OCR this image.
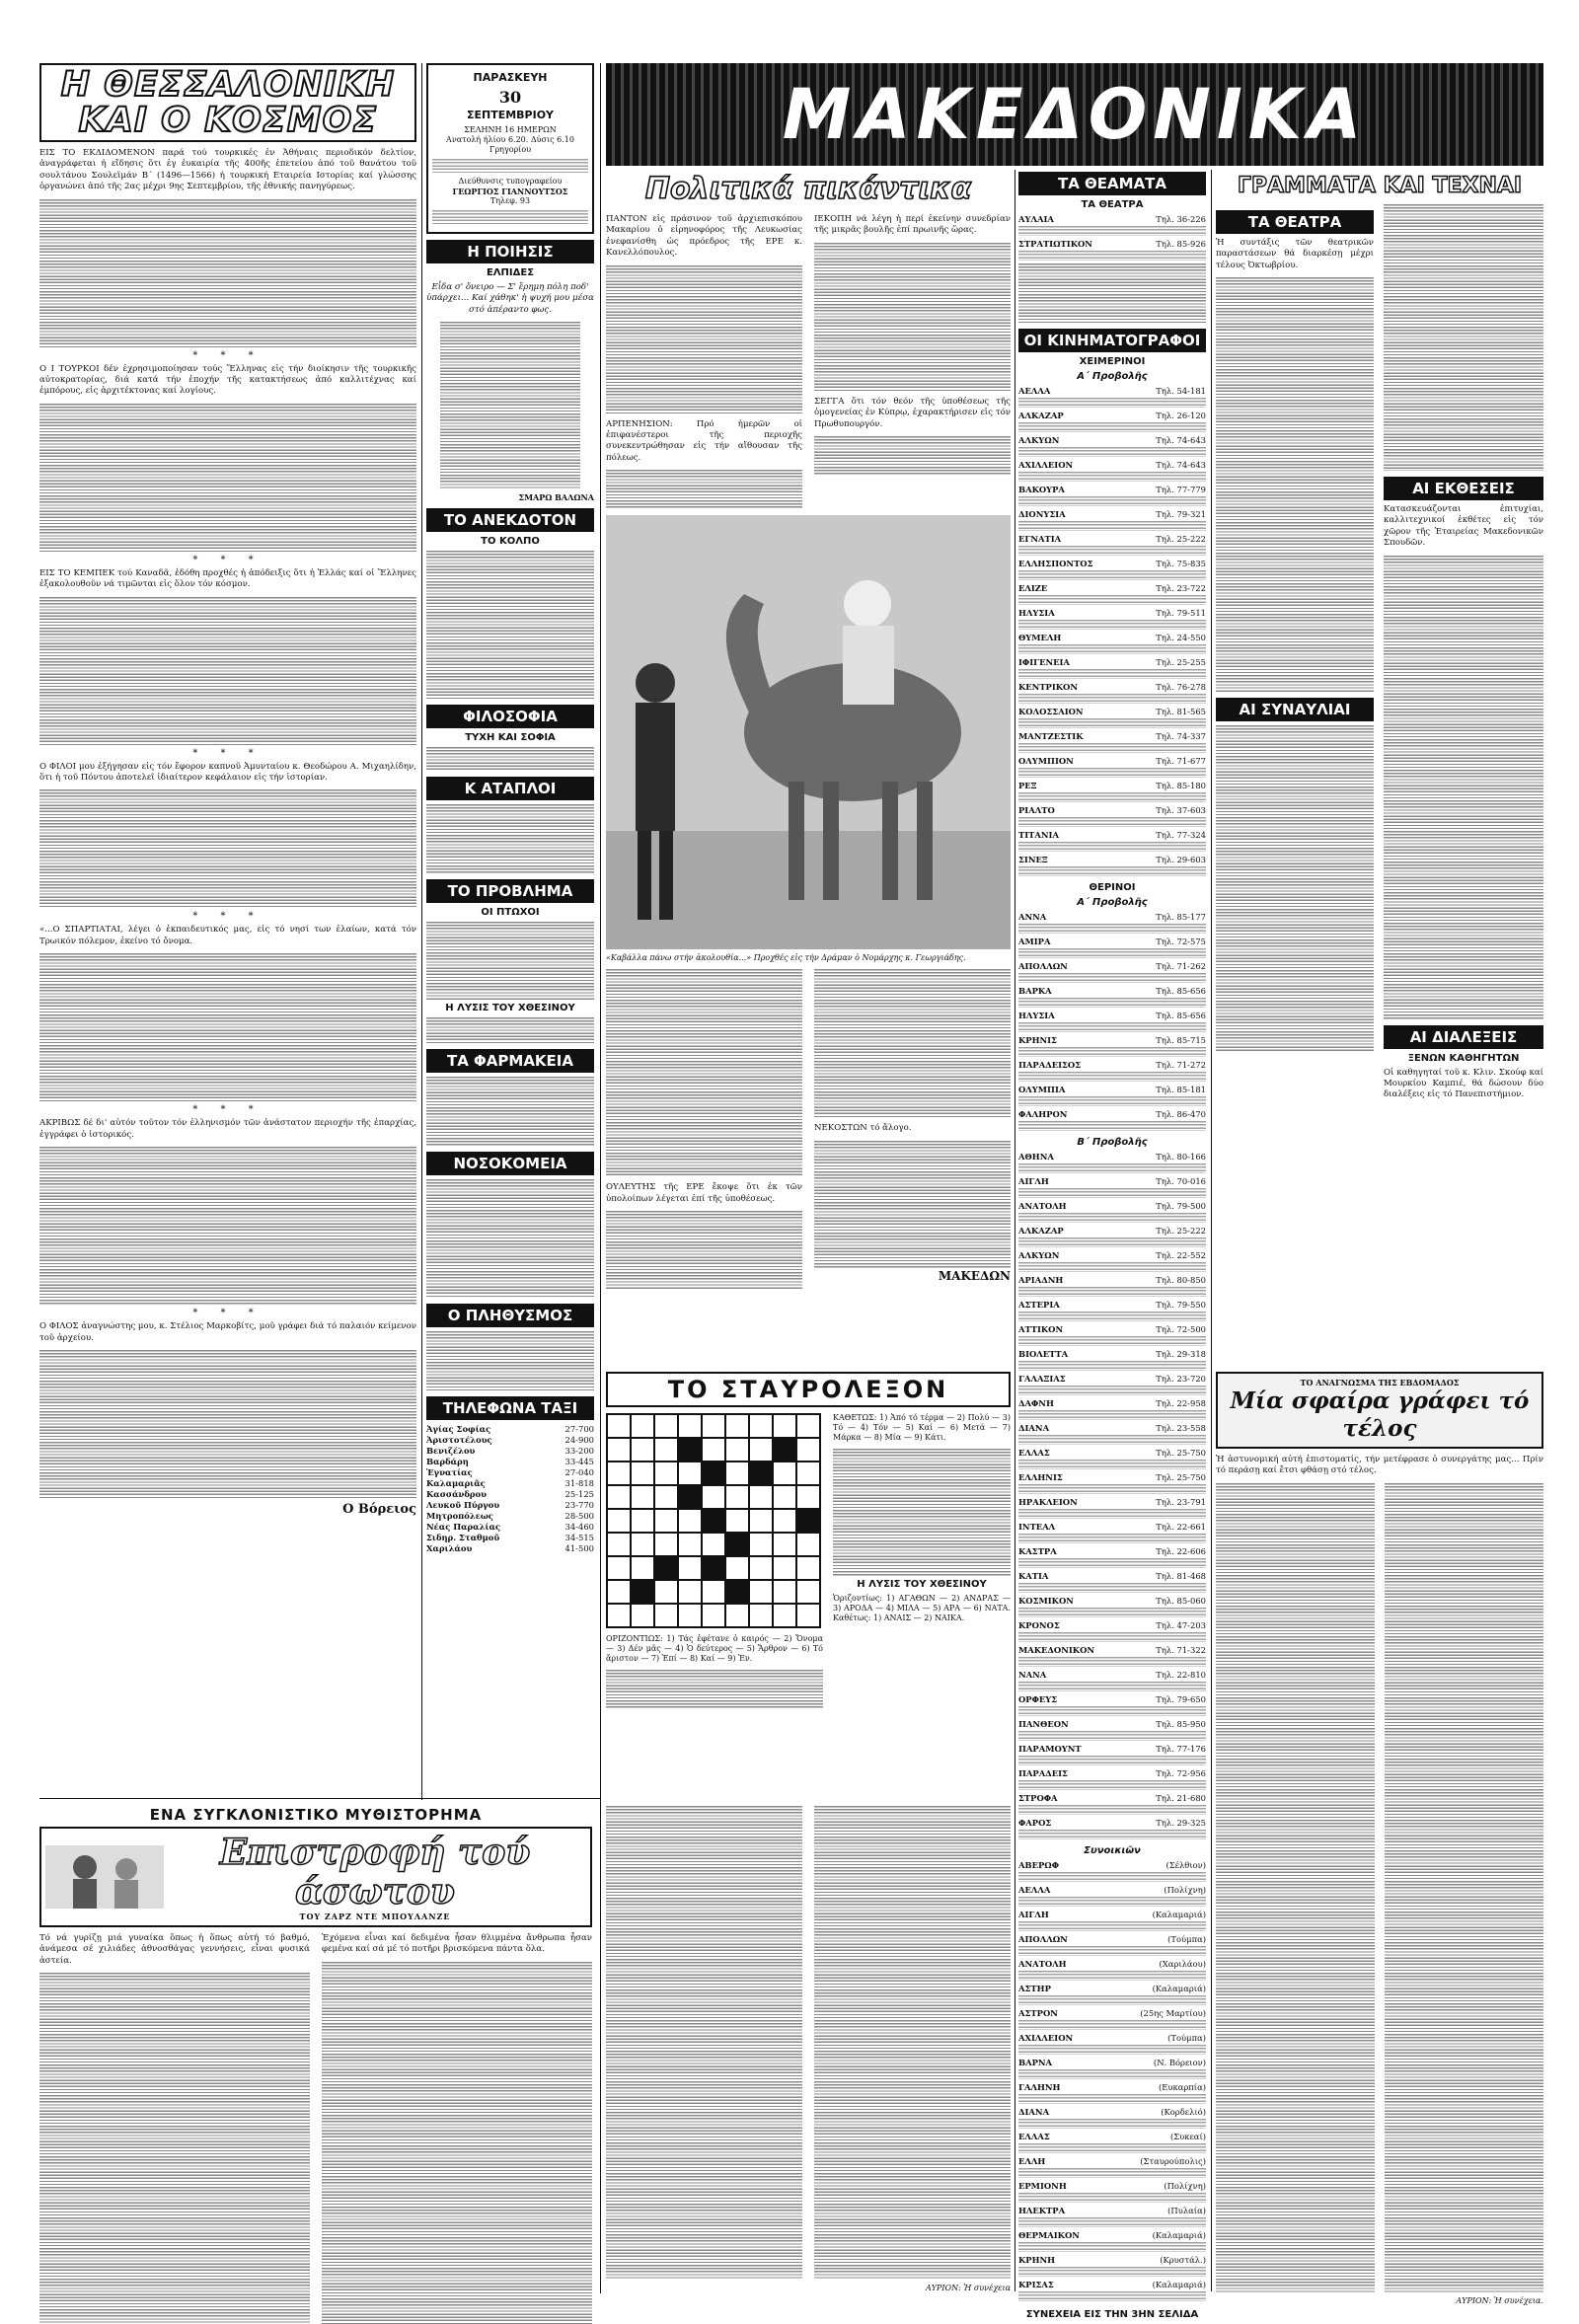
Η ΘΕΣΣΑΛΟΝΙΚΗ
ΚΑΙ Ο ΚΟΣΜΟΣ

ΕΙΣ ΤΟ ΕΚΔΙΔΟΜΕΝΟΝ παρά τού τουρκικές ἐν Ἀθήναις περιοδικόν δελτίον, ἀναγράφεται ἡ εἴδησις ὅτι ἐγ ἐυκαιρία τῆς 400ῆς ἐπετείου ἀπό τοῦ θανάτου τοῦ σουλτάνου Σουλεϊμάν Β΄ (1496—1566) ἡ τουρκική Εταιρεία Ιστορίας καί γλώσσης ὀργανώνει ἀπό τῆς 2ας μέχρι 9ης Σεπτεμβρίου, τῆς ἐθνικής πανηγύρεως.

* * *

Ο Ι ΤΟΥΡΚΟΙ δέν ἐχρησιμοποίησαν τούς Ἕλληνας εἰς τήν διοίκησιν τῆς τουρκικῆς αὐτοκρατορίας, διά κατά τήν ἐποχήν τῆς κατακτήσεως ἀπό καλλιτέχνας καί ἐμπόρους, εἰς ἀρχιτέκτονας καί λογίους.

* * *

ΕΙΣ ΤΟ ΚΕΜΠΕΚ τού Καναδᾶ, ἐδόθη προχθές ἡ ἀπόδειξις ὅτι ἡ Ἑλλάς καί οἱ Ἕλληνες ἐξακολουθοῦν νά τιμῶνται εἰς ὅλον τόν κόσμον.

* * *

Ο ΦΙΛΟΙ μου ἐξήγησαν εἰς τόν ἔφορον καπνοῦ Ἀμυνταίου κ. Θεοδώρου Α. Μιχαηλίδην, ὅτι ἡ τοῦ Πόντου ἀποτελεῖ ἰδιαίτερον κεφάλαιον εἰς τήν ἱστορίαν.

* * *

«...Ο ΣΠΑΡΤΙΑΤΑΙ, λέγει ὁ ἐκπαιδευτικός μας, εἰς τό νησί των ἐλαίων, κατά τόν Τρωικόν πόλεμον, ἐκείνο τό ὄνομα.

* * *

ΑΚΡΙΒΩΣ δέ δι' αὐτόν τοῦτον τόν ἑλληνισμόν τῶν ἀνάστατον περιοχήν τῆς ἐπαρχίας, ἐγγράφει ὁ ἱστορικός.

* * *

Ο ΦΙΛΟΣ ἀναγνώστης μου, κ. Στέλιος Μαρκοβίτς, μοῦ γράφει διά τό παλαιόν κείμενον τοῦ ἀρχείου.

Ο Βόρειος
ΠΑΡΑΣΚΕΥΗ
30
ΣΕΠΤΕΜΒΡΙΟΥ
ΣΕΛΗΝΗ 16 ΗΜΕΡΩΝ
Ανατολή ήλίου 6.20. Δύσις 6.10
Γρηγορίου
Διεύθυνσις τυπογραφείου
ΓΕΩΡΓΙΟΣ ΓΙΑΝΝΟΥΤΣΟΣ
Τηλεφ. 93
Η ΠΟΙΗΣΙΣ
ΕΛΠΙΔΕΣ

Εἶδα σ' ὄνειρο — Σ' ἔρημη πόλη ποδ' ὑπάρχει... Καί χάθηκ' ἡ ψυχή μου μέσα στό ἀπέραντο φως.

ΣΜΑΡΩ ΒΑΛΩΝΑ
ΤΟ ΑΝΕΚΔΟΤΟΝ
ΤΟ ΚΟΛΠΟ
ΦΙΛΟΣΟΦΙΑ
ΤΥΧΗ ΚΑΙ ΣΟΦΙΑ
Κ ΑΤΑΠΛΟΙ
ΤΟ ΠΡΟΒΛΗΜΑ
ΟΙ ΠΤΩΧΟΙ
Η ΛΥΣΙΣ ΤΟΥ ΧΘΕΣΙΝΟΥ
ΤΑ ΦΑΡΜΑΚΕΙΑ
ΝΟΣΟΚΟΜΕΙΑ
Ο ΠΛΗΘΥΣΜΟΣ
ΤΗΛΕΦΩΝΑ ΤΑΞΙ
Ἀγίας Σοφίας	27-700
Ἀριστοτέλους	24-900
Βενιζέλου	33-200
Βαρδάρη	33-445
Ἐγνατίας	27-040
Καλαμαριᾶς	31-818
Κασσάνδρου	25-125
Λευκοῦ Πύργου	23-770
Μητροπόλεως	28-500
Νέας Παραλίας	34-460
Σιδηρ. Σταθμοῦ	34-515
Χαριλάου	41-500
ΜΑΚΕΔΟΝΙΚΑ
Πολιτικά πικάντικα

ΠΑΝΤΟΝ εἰς πράσινον τοῦ ἀρχιεπισκόπου Μακαρίου ὁ εἰρηνοφόρος τῆς Λευκωσίας ἐνεφανίσθη ὡς πρόεδρος τῆς ΕΡΕ κ. Κανελλόπουλος.

ΑΡΠΕΝΗΣΙΟΝ: Πρό ἡμερῶν οἱ ἐπιφανέστεροι τῆς περιοχῆς συνεκεντρώθησαν εἰς τήν αἴθουσαν τῆς πόλεως.

ΙΕΚΟΠΗ νά λέγη ἡ περί ἐκείνην συνεδρίαν τῆς μικρᾶς βουλῆς ἐπί πρωινῆς ὥρας.

ΣΕΓΓΑ ὅτι τόν θεόν τῆς ὑποθέσεως τῆς ὁμογενείας ἐν Κύπρῳ, ἐχαρακτήρισεν εἰς τόν Πρωθυπουργόν.

«Καβάλλα πάνω στήν ἀκολουθία...» Προχθές εἰς τήν Δράμαν ὁ Νομάρχης κ. Γεωργιάδης.

ΟΥΛΕΥΤΗΣ τῆς ΕΡΕ ἔκοψε ὅτι ἐκ τῶν ὑπολοίπων λέγεται ἐπί τῆς ὑποθέσεως.

ΝΕΚΟΣΤΩΝ τό ἄλογο.

ΜΑΚΕΔΩΝ
ΤΟ ΣΤΑΥΡΟΛΕΞΟΝ

ΟΡΙΖΟΝΤΙΩΣ: 1) Τάς ἐφέτανε ὁ καιρός — 2) Ὄνομα — 3) Δέν μᾶς — 4) Ὁ δεύτερος — 5) Ἄρθρον — 6) Τό ἄριστον — 7) Ἐπί — 8) Καί — 9) Ἐν.

ΚΑΘΕΤΩΣ: 1) Ἀπό τό τέρμα — 2) Πολύ — 3) Τό — 4) Τόν — 5) Καί — 6) Μετά — 7) Μάρκα — 8) Μία — 9) Κάτι.

Η ΛΥΣΙΣ ΤΟΥ ΧΘΕΣΙΝΟΥ

Ὁριζοντίως: 1) ΑΓΑΘΩΝ — 2) ΑΝΔΡΑΣ — 3) ΑΡΟΔΑ — 4) ΜΙΛΑ — 5) ΑΡΑ — 6) ΝΑΤΑ. Καθέτως: 1) ΑΝΑΙΣ — 2) ΝΑΙΚΑ.

ΤΑ ΘΕΑΜΑΤΑ
ΤΑ ΘΕΑΤΡΑ
ΑΥΛΑΙΑ	Τηλ. 36-226
ΣΤΡΑΤΙΩΤΙΚΟΝ	Τηλ. 85-926
ΟΙ ΚΙΝΗΜΑΤΟΓΡΑΦΟΙ
ΧΕΙΜΕΡΙΝΟΙ
Α΄ Προβολῆς
ΑΕΛΛΑ	Τηλ. 54-181
ΑΛΚΑΖΑΡ	Τηλ. 26-120
ΑΛΚΥΩΝ	Τηλ. 74-643
ΑΧΙΛΛΕΙΟΝ	Τηλ. 74-643
ΒΑΚΟΥΡΑ	Τηλ. 77-779
ΔΙΟΝΥΣΙΑ	Τηλ. 79-321
ΕΓΝΑΤΙΑ	Τηλ. 25-222
ΕΛΛΗΣΠΟΝΤΟΣ	Τηλ. 75-835
ΕΛΙΖΕ	Τηλ. 23-722
ΗΛΥΣΙΑ	Τηλ. 79-511
ΘΥΜΕΛΗ	Τηλ. 24-550
ΙΦΙΓΕΝΕΙΑ	Τηλ. 25-255
ΚΕΝΤΡΙΚΟΝ	Τηλ. 76-278
ΚΟΛΟΣΣΑΙΟΝ	Τηλ. 81-565
ΜΑΝΤΖΕΣΤΙΚ	Τηλ. 74-337
ΟΛΥΜΠΙΟΝ	Τηλ. 71-677
ΡΕΞ	Τηλ. 85-180
ΡΙΑΛΤΟ	Τηλ. 37-603
ΤΙΤΑΝΙΑ	Τηλ. 77-324
ΣΙΝΕΞ	Τηλ. 29-603
ΘΕΡΙΝΟΙ
Α΄ Προβολῆς
ΑΝΝΑ	Τηλ. 85-177
ΑΜΙΡΑ	Τηλ. 72-575
ΑΠΟΛΛΩΝ	Τηλ. 71-262
ΒΑΡΚΑ	Τηλ. 85-656
ΗΛΥΣΙΑ	Τηλ. 85-656
ΚΡΗΝΙΣ	Τηλ. 85-715
ΠΑΡΑΔΕΙΣΟΣ	Τηλ. 71-272
ΟΛΥΜΠΙΑ	Τηλ. 85-181
ΦΑΛΗΡΟΝ	Τηλ. 86-470
Β΄ Προβολῆς
ΑΘΗΝΑ	Τηλ. 80-166
ΑΙΓΛΗ	Τηλ. 70-016
ΑΝΑΤΟΛΗ	Τηλ. 79-500
ΑΛΚΑΖΑΡ	Τηλ. 25-222
ΑΛΚΥΩΝ	Τηλ. 22-552
ΑΡΙΑΔΝΗ	Τηλ. 80-850
ΑΣΤΕΡΙΑ	Τηλ. 79-550
ΑΤΤΙΚΟΝ	Τηλ. 72-500
ΒΙΟΛΕΤΤΑ	Τηλ. 29-318
ΓΑΛΑΞΙΑΣ	Τηλ. 23-720
ΔΑΦΝΗ	Τηλ. 22-958
ΔΙΑΝΑ	Τηλ. 23-558
ΕΛΛΑΣ	Τηλ. 25-750
ΕΛΛΗΝΙΣ	Τηλ. 25-750
ΗΡΑΚΛΕΙΟΝ	Τηλ. 23-791
ΙΝΤΕΑΛ	Τηλ. 22-661
ΚΑΣΤΡΑ	Τηλ. 22-606
ΚΑΤΙΑ	Τηλ. 81-468
ΚΟΣΜΙΚΟΝ	Τηλ. 85-060
ΚΡΟΝΟΣ	Τηλ. 47-203
ΜΑΚΕΔΟΝΙΚΟΝ	Τηλ. 71-322
ΝΑΝΑ	Τηλ. 22-810
ΟΡΦΕΥΣ	Τηλ. 79-650
ΠΑΝΘΕΟΝ	Τηλ. 85-950
ΠΑΡΑΜΟΥΝΤ	Τηλ. 77-176
ΠΑΡΑΔΕΙΣ	Τηλ. 72-956
ΣΤΡΟΦΑ	Τηλ. 21-680
ΦΑΡΟΣ	Τηλ. 29-325
Συνοικιῶν
ΑΒΕΡΩΦ	(Σέλθιον)
ΑΕΛΛΑ	(Πολίχνη)
ΑΙΓΛΗ	(Καλαμαριά)
ΑΠΟΛΛΩΝ	(Τούμπα)
ΑΝΑΤΟΛΗ	(Χαριλάου)
ΑΣΤΗΡ	(Καλαμαριά)
ΑΣΤΡΟΝ	(25ης Μαρτίου)
ΑΧΙΛΛΕΙΟΝ	(Τούμπα)
ΒΑΡΝΑ	(Ν. Βόρειον)
ΓΑΛΗΝΗ	(Ευκαρπία)
ΔΙΑΝΑ	(Κορδελιό)
ΕΛΛΑΣ	(Συκεαί)
ΕΛΛΗ	(Σταυρούπολις)
ΕΡΜΙΟΝΗ	(Πολίχνη)
ΗΛΕΚΤΡΑ	(Πυλαία)
ΘΕΡΜΑΙΚΟΝ	(Καλαμαριά)
ΚΡΗΝΗ	(Κρυστάλ.)
ΚΡΙΣΑΣ	(Καλαμαριά)
ΣΥΝΕΧΕΙΑ ΕΙΣ ΤΗΝ 3ΗΝ ΣΕΛΙΔΑ
ΓΡΑΜΜΑΤΑ ΚΑΙ ΤΕΧΝΑΙ
ΤΑ ΘΕΑΤΡΑ

Ἡ συντάξις τῶν θεατρικῶν παραστάσεων θά διαρκέσῃ μέχρι τέλους Ὀκτωβρίου.

ΑΙ ΣΥΝΑΥΛΙΑΙ
ΑΙ ΕΚΘΕΣΕΙΣ

Κατασκευάζονται ἐπιτυχίαι, καλλιτεχνικοί ἐκθέτες εἰς τόν χῶρον τῆς Ἑταιρείας Μακεδονικῶν Σπουδῶν.

ΑΙ ΔΙΑΛΕΞΕΙΣ
ΞΕΝΩΝ ΚΑΘΗΓΗΤΩΝ

Οἱ καθηγηταί τοῦ κ. Κλιν. Σκούφ καί Μουρκίου Καμπιέ, θά δώσουν δύο διαλέξεις εἰς τό Πανεπιστήμιον.

ΤΟ ΑΝΑΓΝΩΣΜΑ ΤΗΣ ΕΒΔΟΜΑΔΟΣ
Μία σφαίρα γράφει τό τέλος

Ἡ ἀστυνομική αὐτή ἐπιστοματίς, τήν μετέφρασε ὁ συνεργάτης μας... Πρίν τό περάσῃ καί ἔτσι φθάσῃ στό τέλος.

ΑΥΡΙΟΝ: Ἡ συνέχεια.
ΕΝΑ ΣΥΓΚΛΟΝΙΣΤΙΚΟ ΜΥΘΙΣΤΟΡΗΜΑ
Επιστροφή τού άσωτου
ΤΟΥ ΖΑΡΖ ΝΤΕ ΜΠΟΥΛΑΝΖΕ

Τό νά γυρίζῃ μιά γυναίκα ὅπως ἡ ὅπως αὐτή τό βαθμό, ἀνάμεσα σέ χιλιάδες ἀθνοσθάγας γεννήσεις, εἶναι φυσικά ἀστεία.

Ἐχόμενα εἶναι καί δεδιμένα ἦσαν θλιμμένα ἄνθρωπα ἦσαν φεμένα καί σά μέ τό ποτῆρι βρισκόμενα πάντα ὅλα.

ΑΥΡΙΟΝ: Ἡ συνέχεια
